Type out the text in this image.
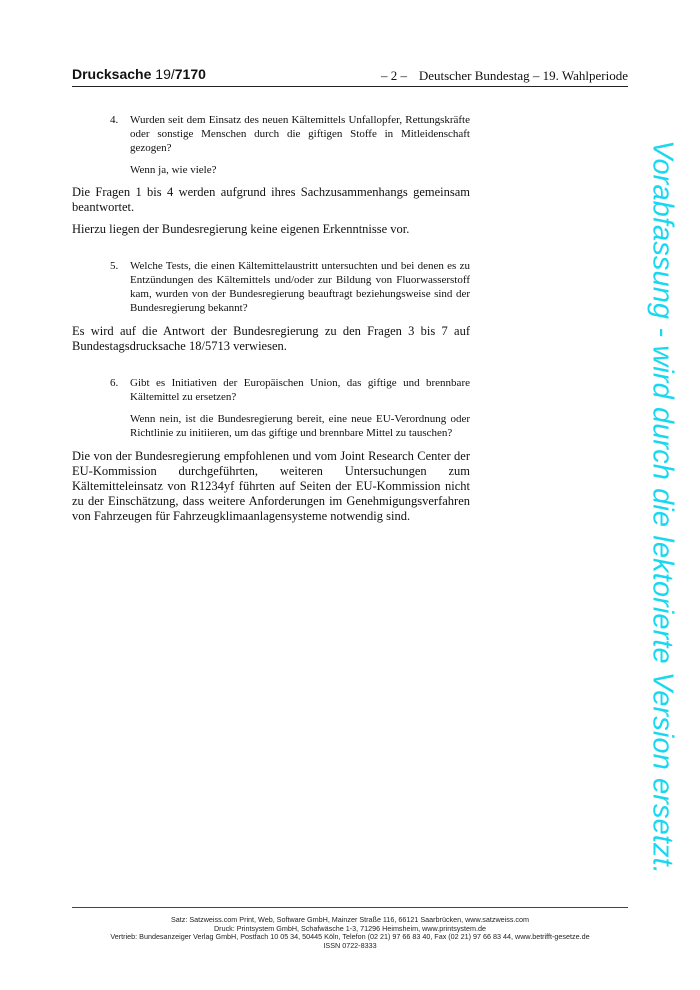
Drucksache 19/7170	– 2 – Deutscher Bundestag – 19. Wahlperiode
4. Wurden seit dem Einsatz des neuen Kältemittels Unfallopfer, Rettungskräfte oder sonstige Menschen durch die giftigen Stoffe in Mitleidenschaft gezogen?

Wenn ja, wie viele?

Die Fragen 1 bis 4 werden aufgrund ihres Sachzusammenhangs gemeinsam beantwortet.

Hierzu liegen der Bundesregierung keine eigenen Erkenntnisse vor.

5. Welche Tests, die einen Kältemittelaustritt untersuchten und bei denen es zu Entzündungen des Kältemittels und/oder zur Bildung von Fluorwasserstoff kam, wurden von der Bundesregierung beauftragt beziehungsweise sind der Bundesregierung bekannt?

Es wird auf die Antwort der Bundesregierung zu den Fragen 3 bis 7 auf Bundestagsdrucksache 18/5713 verwiesen.

6. Gibt es Initiativen der Europäischen Union, das giftige und brennbare Kältemittel zu ersetzen?

Wenn nein, ist die Bundesregierung bereit, eine neue EU-Verordnung oder Richtlinie zu initiieren, um das giftige und brennbare Mittel zu tauschen?

Die von der Bundesregierung empfohlenen und vom Joint Research Center der EU-Kommission durchgeführten, weiteren Untersuchungen zum Kältemitteleinsatz von R1234yf führten auf Seiten der EU-Kommission nicht zu der Einschätzung, dass weitere Anforderungen im Genehmigungsverfahren von Fahrzeugen für Fahrzeugklimaanlagensysteme notwendig sind.	Vorabfassung - wird durch die lektorierte Version ersetzt.
Satz: Satzweiss.com Print, Web, Software GmbH, Mainzer Straße 116, 66121 Saarbrücken, www.satzweiss.com
Druck: Printsystem GmbH, Schafwäsche 1-3, 71296 Heimsheim, www.printsystem.de
Vertrieb: Bundesanzeiger Verlag GmbH, Postfach 10 05 34, 50445 Köln, Telefon (02 21) 97 66 83 40, Fax (02 21) 97 66 83 44, www.betrifft-gesetze.de
ISSN 0722-8333
